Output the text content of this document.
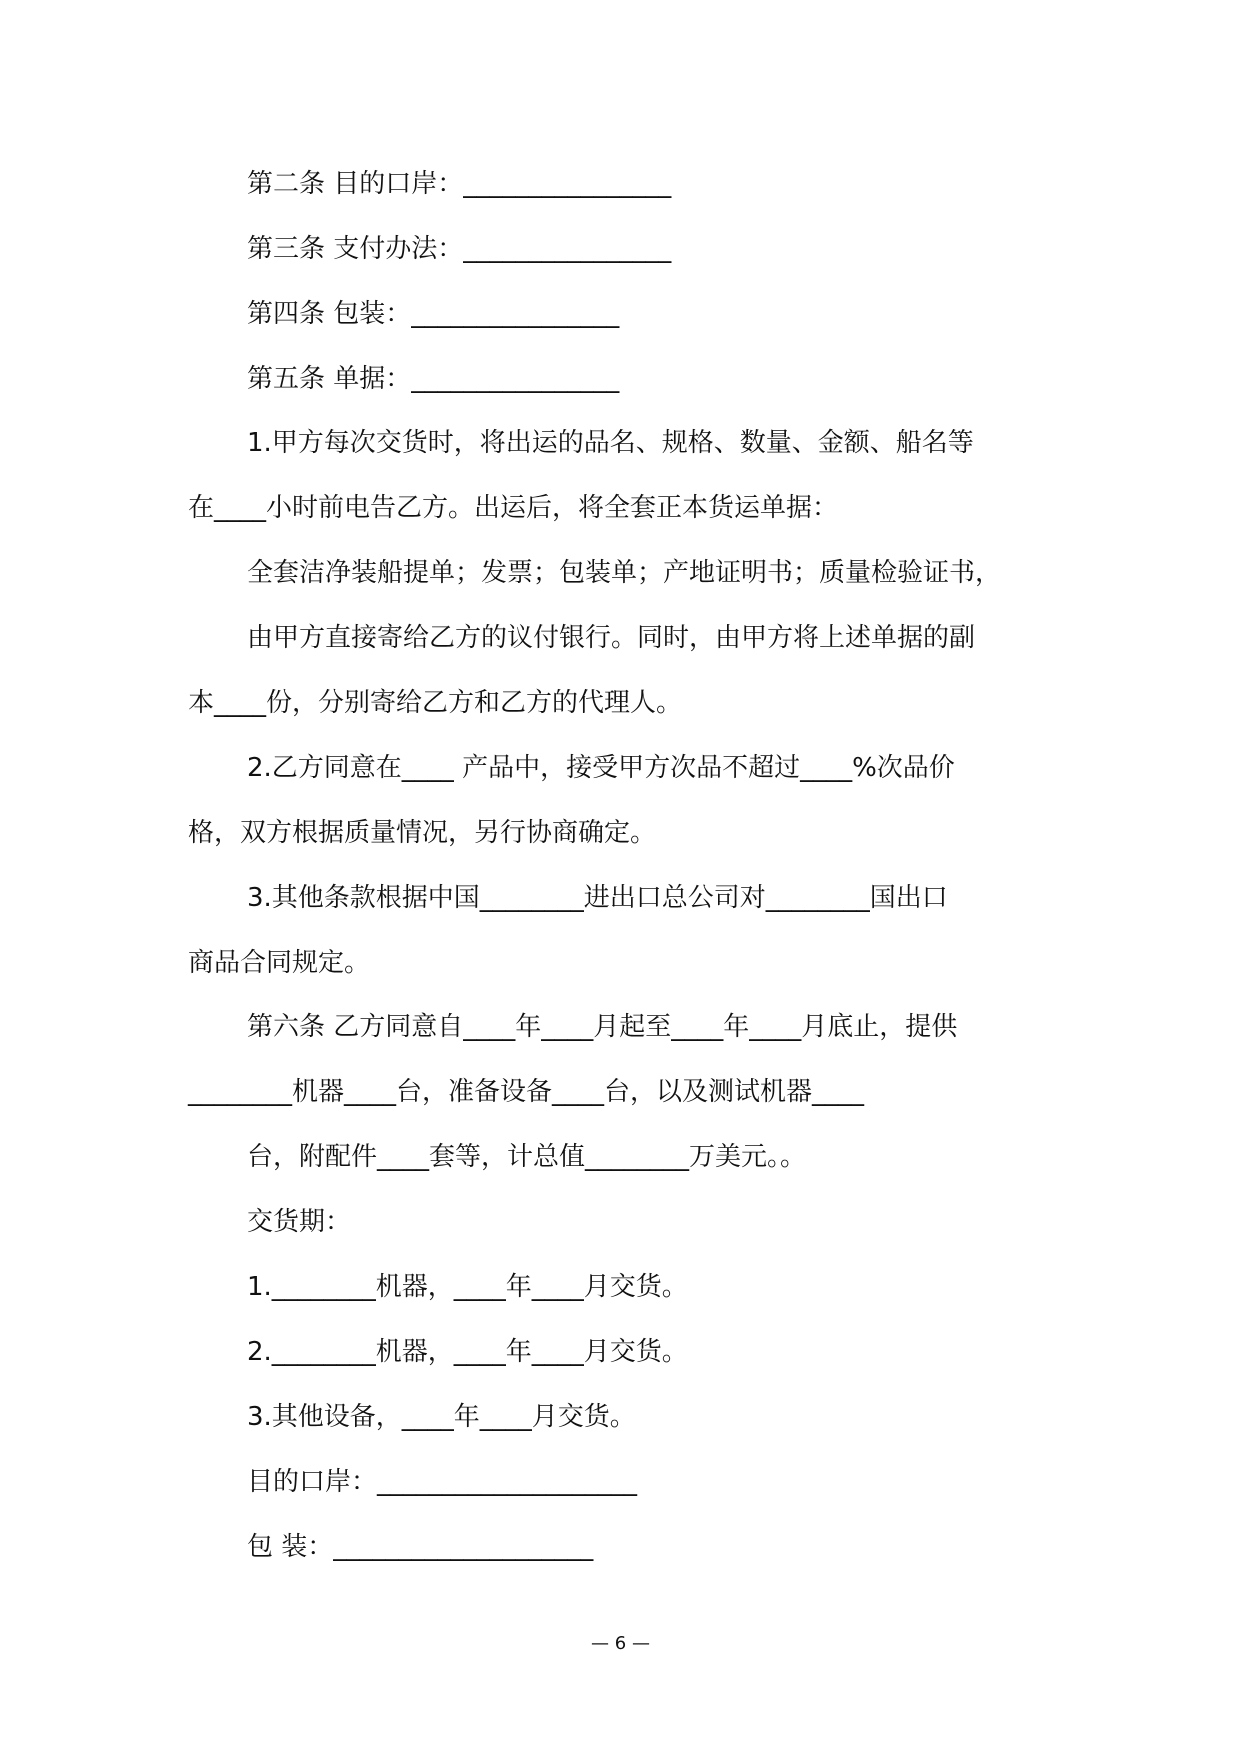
第二条 目的口岸：________________
第三条 支付办法：________________
第四条 包装：________________
第五条 单据：________________
1.甲方每次交货时，将出运的品名、规格、数量、金额、船名等
在____小时前电告乙方。出运后，将全套正本货运单据：
全套洁净装船提单；发票；包装单；产地证明书；质量检验证书，
由甲方直接寄给乙方的议付银行。同时，由甲方将上述单据的副
本____份，分别寄给乙方和乙方的代理人。
2.乙方同意在____ 产品中，接受甲方次品不超过____%次品价
格，双方根据质量情况，另行协商确定。
3.其他条款根据中国________进出口总公司对________国出口
商品合同规定。
第六条 乙方同意自____年____月起至____年____月底止，提供
________机器____台，准备设备____台，以及测试机器____
台，附配件____套等，计总值________万美元。。
交货期：
1.________机器，____年____月交货。
2.________机器，____年____月交货。
3.其他设备，____年____月交货。
目的口岸：____________________
包 装：____________________
— 6 —
